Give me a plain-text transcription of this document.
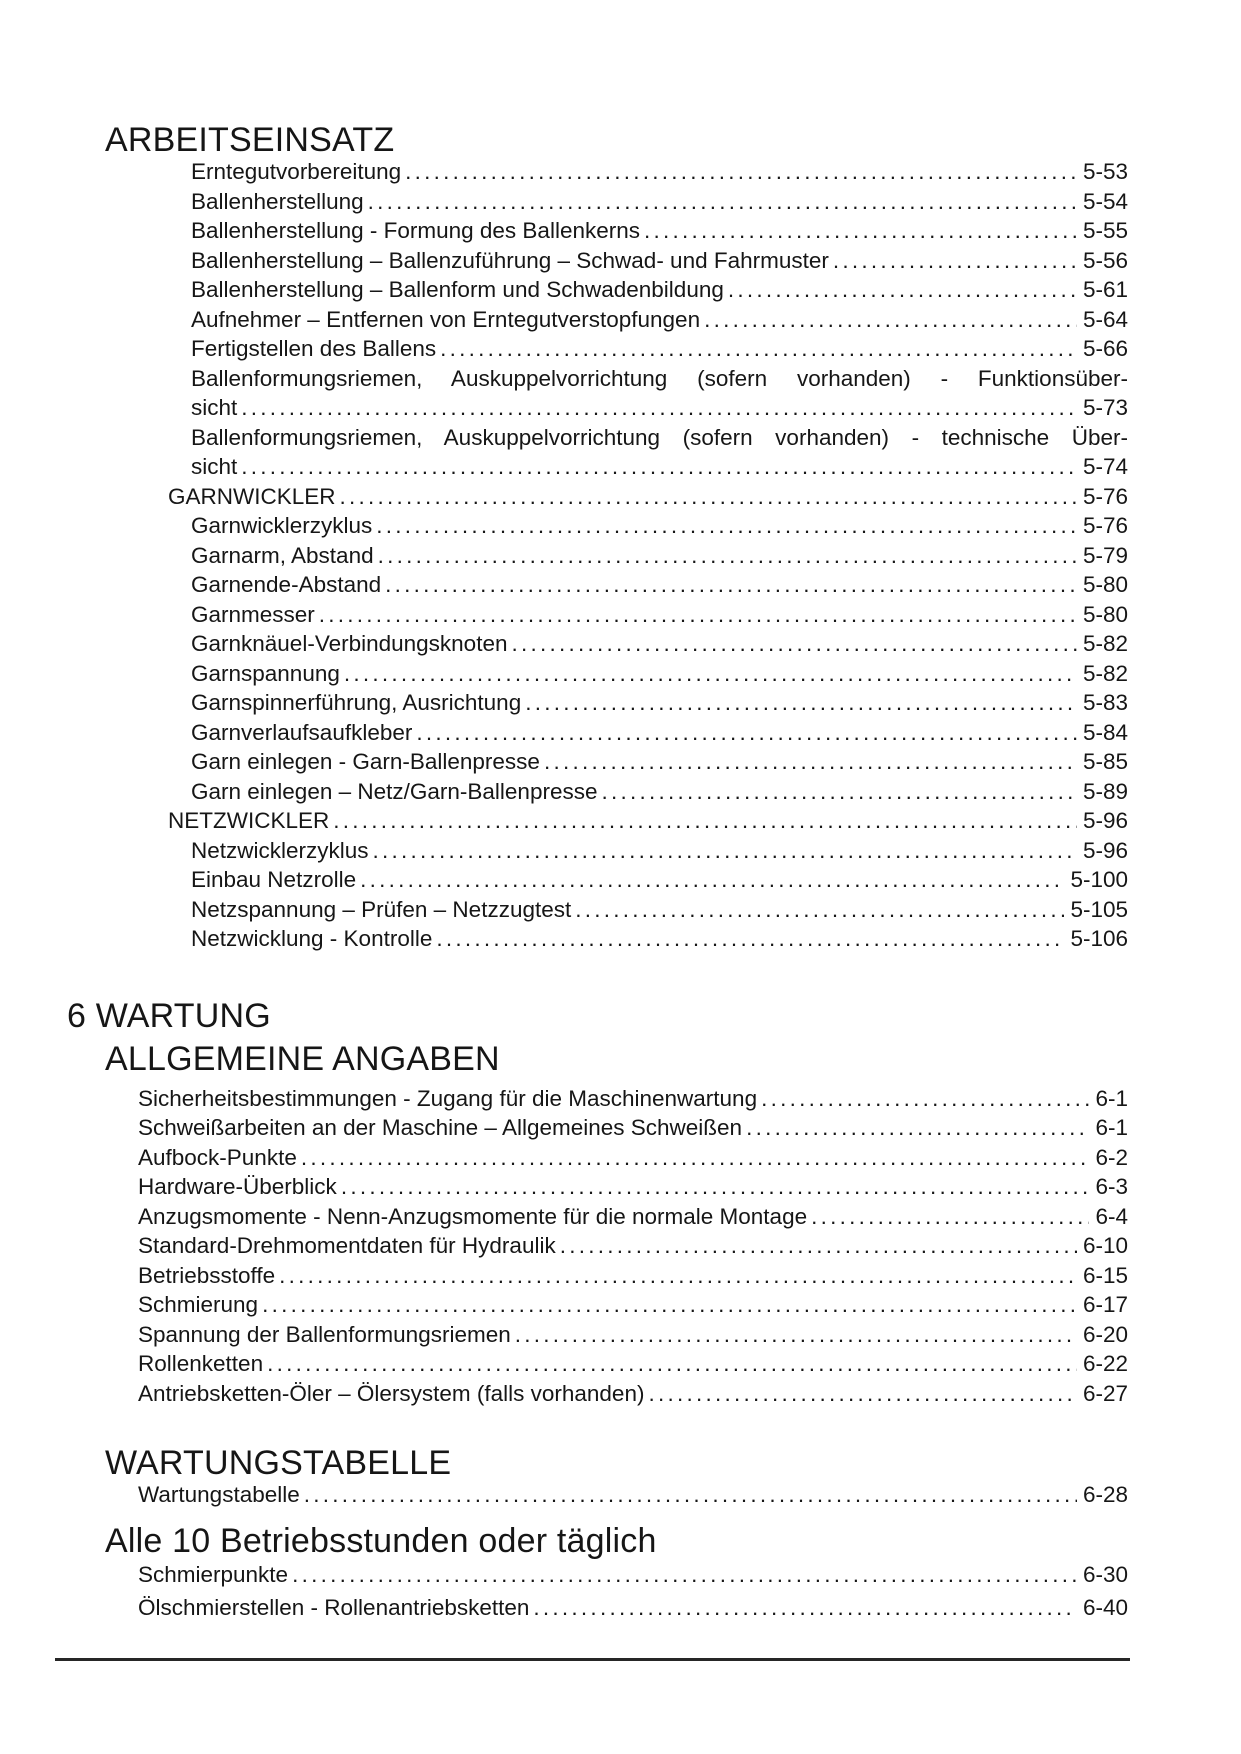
ARBEITSEINSATZ
Erntegutvorbereitung . . .	5-53
Ballenherstellung . . .	5-54
Ballenherstellung - Formung des Ballenkerns . . .	5-55
Ballenherstellung – Ballenzuführung – Schwad- und Fahrmuster . . .	5-56
Ballenherstellung – Ballenform und Schwadenbildung . . .	5-61
Aufnehmer – Entfernen von Erntegutverstopfungen . . .	5-64
Fertigstellen des Ballens . . .	5-66
Ballenformungsriemen, Auskuppelvorrichtung (sofern vorhanden) - Funktionsüber-
sicht . . .	5-73
Ballenformungsriemen, Auskuppelvorrichtung (sofern vorhanden) - technische Über-
sicht . . .	5-74
GARNWICKLER . . .	5-76
Garnwicklerzyklus . . .	5-76
Garnarm, Abstand . . .	5-79
Garnende-Abstand . . .	5-80
Garnmesser . . .	5-80
Garnknäuel-Verbindungsknoten . . .	5-82
Garnspannung . . .	5-82
Garnspinnerführung, Ausrichtung . . .	5-83
Garnverlaufsaufkleber . . .	5-84
Garn einlegen - Garn-Ballenpresse . . .	5-85
Garn einlegen – Netz/Garn-Ballenpresse . . .	5-89
NETZWICKLER . . .	5-96
Netzwicklerzyklus . . .	5-96
Einbau Netzrolle . . .	5-100
Netzspannung – Prüfen – Netzzugtest . . .	5-105
Netzwicklung - Kontrolle . . .	5-106
6 WARTUNG
ALLGEMEINE ANGABEN
Sicherheitsbestimmungen - Zugang für die Maschinenwartung . . .	6-1
Schweißarbeiten an der Maschine – Allgemeines Schweißen . . .	6-1
Aufbock-Punkte . . .	6-2
Hardware-Überblick . . .	6-3
Anzugsmomente - Nenn-Anzugsmomente für die normale Montage . . .	6-4
Standard-Drehmomentdaten für Hydraulik . . .	6-10
Betriebsstoffe . . .	6-15
Schmierung . . .	6-17
Spannung der Ballenformungsriemen . . .	6-20
Rollenketten . . .	6-22
Antriebsketten-Öler – Ölersystem (falls vorhanden) . . .	6-27
WARTUNGSTABELLE
Wartungstabelle . . .	6-28
Alle 10 Betriebsstunden oder täglich
Schmierpunkte . . .	6-30
Ölschmierstellen - Rollenantriebsketten . . .	6-40
